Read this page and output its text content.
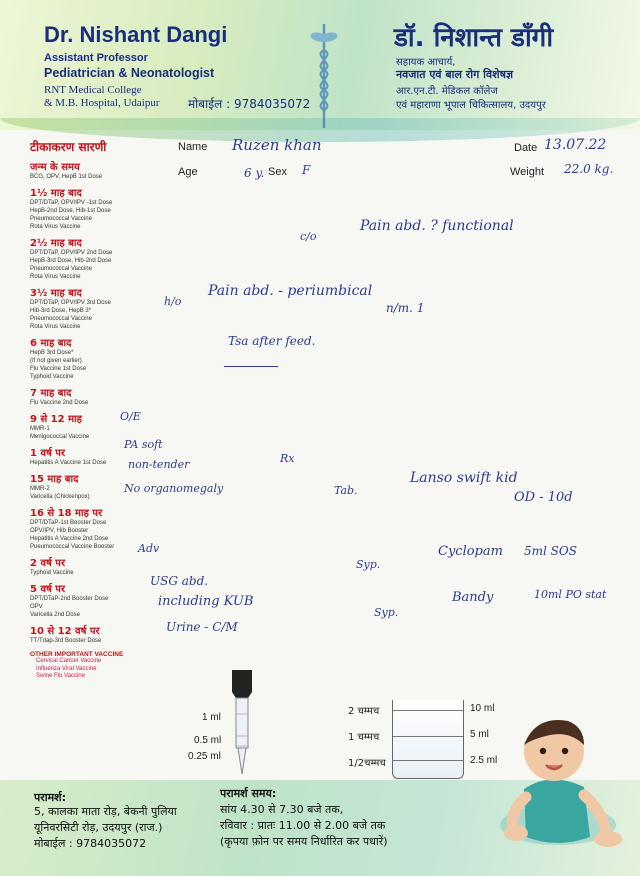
Dr. Nishant Dangi
Assistant Professor
Pediatrician & Neonatologist
RNT Medical College
& M.B. Hospital, Udaipur मोबाईल : 9784035072
डॉ. निशान्त डाँगी
सहायक आचार्य,
नवजात एवं बाल रोग विशेषज्ञ
आर.एन.टी. मेडिकल कॉलेज
एवं महाराणा भूपाल चिकित्सालय, उदयपुर
Name Ruzen khan
Age	6 y. Sex F
Date 13.07.22
Weight 22.0 kg.
टीकाकरण सारणी
जन्म के समय
BCG, OPV, HepB 1st Dose
1½ माह बाद
DPT/DTaP, OPV/IPV -1st Dose
HepB-2nd Dose, Hib-1st Dose
Pneumococcal Vaccine
Rota Virus Vaccine
2½ माह बाद
DPT/DTaP, OPV/IPV 2nd Dose
HepB-3rd Dose, Hib-2nd Dose
Pneumococcal Vaccine
Rota Virus Vaccine
3½ माह बाद
DPT/DTaP, OPV/IPV 3rd Dose
Hib-3rd Dose, HepB 3*
Pneumococcal Vaccine
Rota Virus Vaccine
6 माह बाद
HepB 3rd Dose*
(If not given earlier)
Flu Vaccine 1st Dose
Typhoid Vaccine
7 माह बाद
Flu Vaccine 2nd Dose
9 से 12 माह
MMR-1
Menigococcal Vaccine
1 वर्ष पर
Hepatitis A Vaccine 1st Dose
15 माह बाद
MMR-2
Varicella (Chickenpox)
16 से 18 माह पर
DPT/DTaP-1st Booster Dose
OPV/IPV, Hib Booster
Hepatitis A Vaccine 2nd Dose
Pueumococcal Vaccine Booster
2 वर्ष पर
Typhoid Vaccine
5 वर्ष पर
DPT/DTaP-2nd Booster Dose
OPV
Varicella 2nd Dose
10 से 12 वर्ष पर
TT/Tdap-3rd Booster Dose
OTHER IMPORTANT VACCINE
Cervical Cancer Vaccine
Influenza Viral Vaccine
Swine Flu Vaccine
c/o
Pain abd. ? functional
h/o
Pain abd. - periumbical
n/m. 1
Tsa after feed.
O/E
PA soft
non-tender
No organomegaly
Rx
Tab.
Lanso swift kid
OD - 10d
Adv
Syp.
Cyclopam 5ml SOS
USG abd.
including KUB
Syp.
Bandy	10ml PO stat
Urine - C/M
1 ml
0.5 ml
0.25 ml
2 चम्मच
1 चम्मच
1/2चम्मच
10 ml
5 ml
2.5 ml
परामर्श:
5, कालका माता रोड़, बेकनी पुलिया
यूनिवरसिटी रोड़, उदयपुर (राज.)
मोबाईल : 9784035072
परामर्श समय:
सांय 4.30 से 7.30 बजे तक,
रविवार : प्रातः 11.00 से 2.00 बजे तक
(कृपया फ़ोन पर समय निर्धारित कर पधारें)
